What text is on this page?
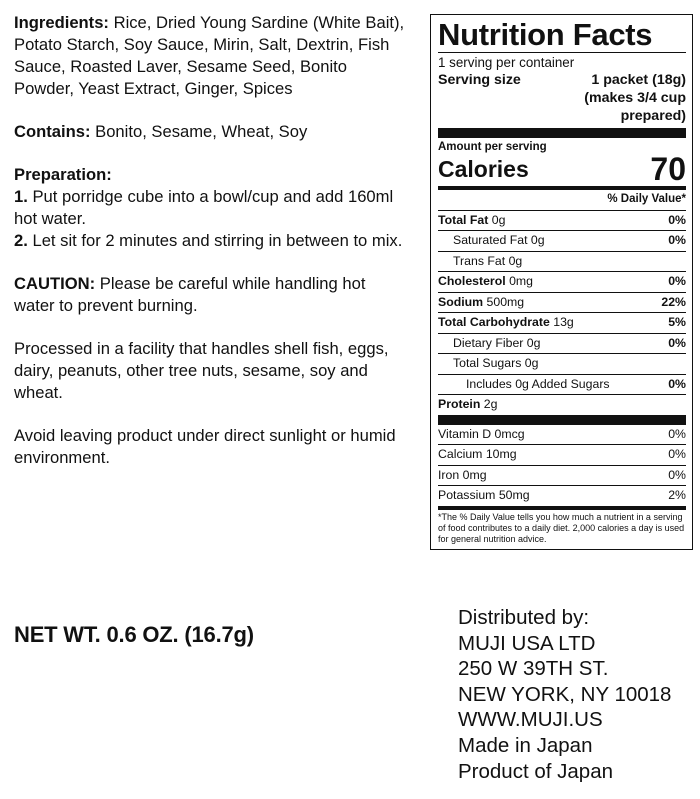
Ingredients: Rice, Dried Young Sardine (White Bait), Potato Starch, Soy Sauce, Mirin, Salt, Dextrin, Fish Sauce, Roasted Laver, Sesame Seed, Bonito Powder, Yeast Extract, Ginger, Spices

Contains: Bonito, Sesame, Wheat, Soy

Preparation:
1. Put porridge cube into a bowl/cup and add 160ml hot water.
2. Let sit for 2 minutes and stirring in between to mix.

CAUTION: Please be careful while handling hot water to prevent burning.

Processed in a facility that handles shell fish, eggs, dairy, peanuts, other tree nuts, sesame, soy and wheat.

Avoid leaving product under direct sunlight or humid environment.

NET WT. 0.6 OZ. (16.7g)
Distributed by:
MUJI USA LTD
250 W 39TH ST.
NEW YORK, NY 10018
WWW.MUJI.US
Made in Japan
Product of Japan
Nutrition Facts
1 serving per container
Serving size	1 packet (18g)
(makes 3/4 cup
prepared)
Amount per serving
Calories	70
% Daily Value*
Total Fat 0g	0%
Saturated Fat 0g	0%
Trans Fat 0g
Cholesterol 0mg	0%
Sodium 500mg	22%
Total Carbohydrate 13g	5%
Dietary Fiber 0g	0%
Total Sugars 0g
Includes 0g Added Sugars	0%
Protein 2g
Vitamin D 0mcg	0%
Calcium 10mg	0%
Iron 0mg	0%
Potassium 50mg	2%
*The % Daily Value tells you how much a nutrient in a serving of food contributes to a daily diet. 2,000 calories a day is used for general nutrition advice.
